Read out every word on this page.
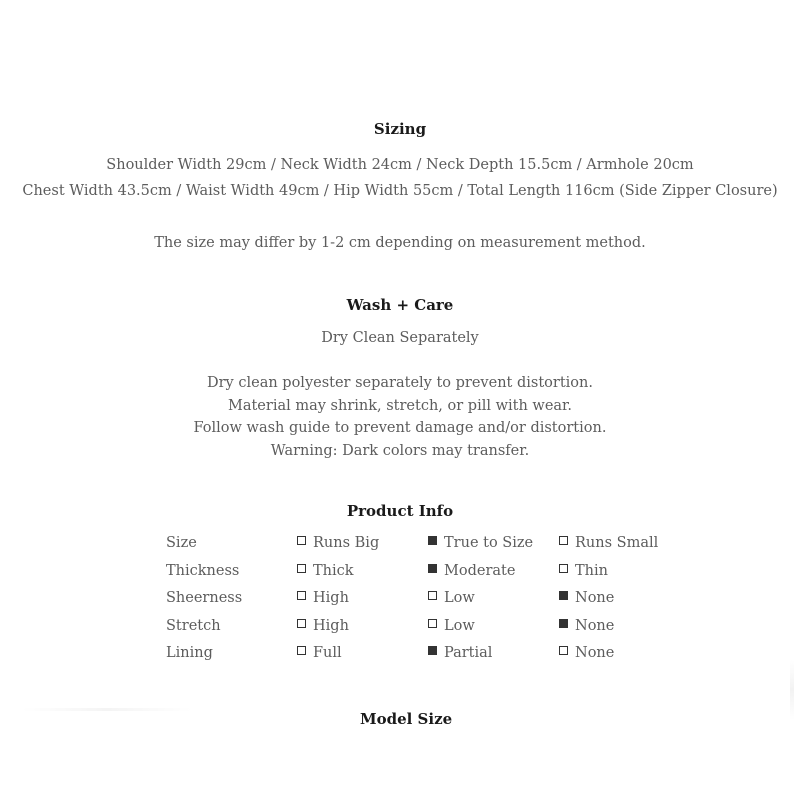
Sizing
Shoulder Width 29cm / Neck Width 24cm / Neck Depth 15.5cm / Armhole 20cm
Chest Width 43.5cm / Waist Width 49cm / Hip Width 55cm / Total Length 116cm (Side Zipper Closure)
The size may differ by 1-2 cm depending on measurement method.
Wash + Care
Dry Clean Separately
Dry clean polyester separately to prevent distortion.
Material may shrink, stretch, or pill with wear.
Follow wash guide to prevent damage and/or distortion.
Warning: Dark colors may transfer.
Product Info
Size	Runs Big	True to Size	Runs Small
Thickness	Thick	Moderate	Thin
Sheerness	High	Low	None
Stretch	High	Low	None
Lining	Full	Partial	None
Model Size
